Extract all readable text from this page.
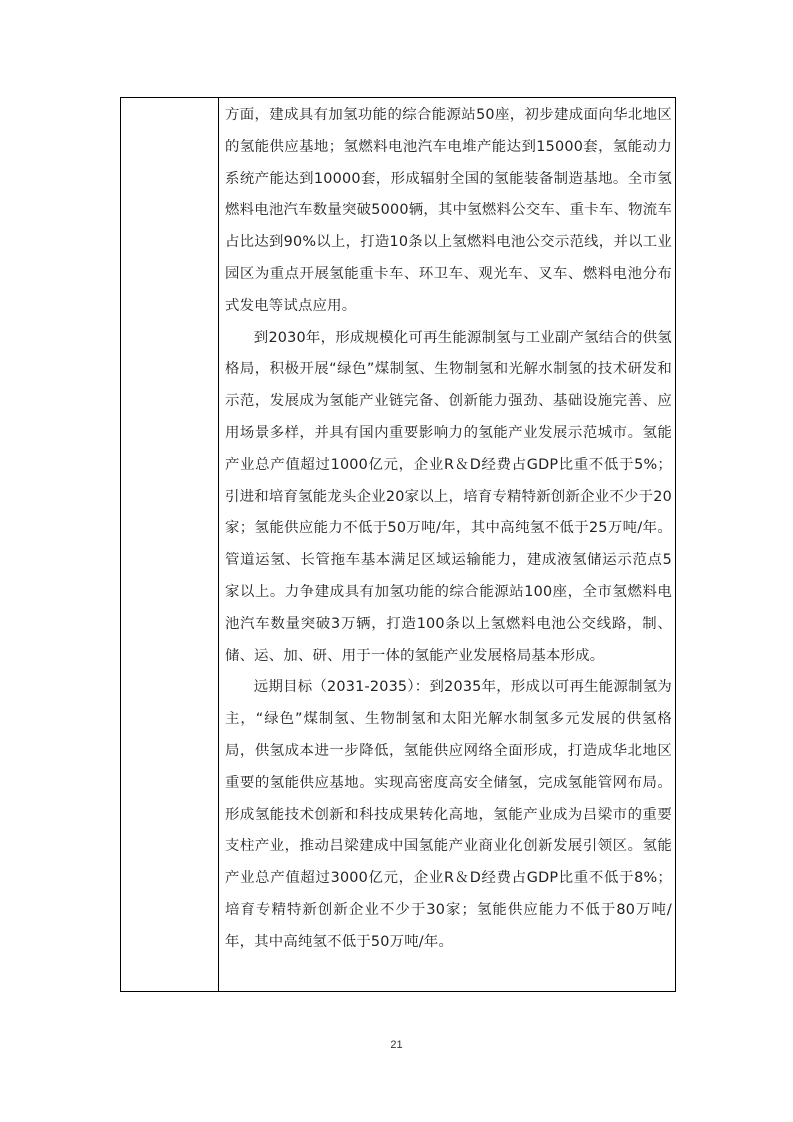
方面，建成具有加氢功能的综合能源站50座，初步建成面向华北地区的氢能供应基地；氢燃料电池汽车电堆产能达到15000套，氢能动力系统产能达到10000套，形成辐射全国的氢能装备制造基地。全市氢燃料电池汽车数量突破5000辆，其中氢燃料公交车、重卡车、物流车占比达到90%以上，打造10条以上氢燃料电池公交示范线，并以工业园区为重点开展氢能重卡车、环卫车、观光车、叉车、燃料电池分布式发电等试点应用。

到2030年，形成规模化可再生能源制氢与工业副产氢结合的供氢格局，积极开展“绿色”煤制氢、生物制氢和光解水制氢的技术研发和示范，发展成为氢能产业链完备、创新能力强劲、基础设施完善、应用场景多样，并具有国内重要影响力的氢能产业发展示范城市。氢能产业总产值超过1000亿元，企业R＆D经费占GDP比重不低于5%；引进和培育氢能龙头企业20家以上，培育专精特新创新企业不少于20家；氢能供应能力不低于50万吨/年，其中高纯氢不低于25万吨/年。管道运氢、长管拖车基本满足区域运输能力，建成液氢储运示范点5家以上。力争建成具有加氢功能的综合能源站100座，全市氢燃料电池汽车数量突破3万辆，打造100条以上氢燃料电池公交线路，制、储、运、加、研、用于一体的氢能产业发展格局基本形成。

远期目标（2031-2035）：到2035年，形成以可再生能源制氢为主，“绿色”煤制氢、生物制氢和太阳光解水制氢多元发展的供氢格局，供氢成本进一步降低，氢能供应网络全面形成，打造成华北地区重要的氢能供应基地。实现高密度高安全储氢，完成氢能管网布局。形成氢能技术创新和科技成果转化高地，氢能产业成为吕梁市的重要支柱产业，推动吕梁建成中国氢能产业商业化创新发展引领区。氢能产业总产值超过3000亿元，企业R＆D经费占GDP比重不低于8%；培育专精特新创新企业不少于30家；氢能供应能力不低于80万吨/年，其中高纯氢不低于50万吨/年。

21
